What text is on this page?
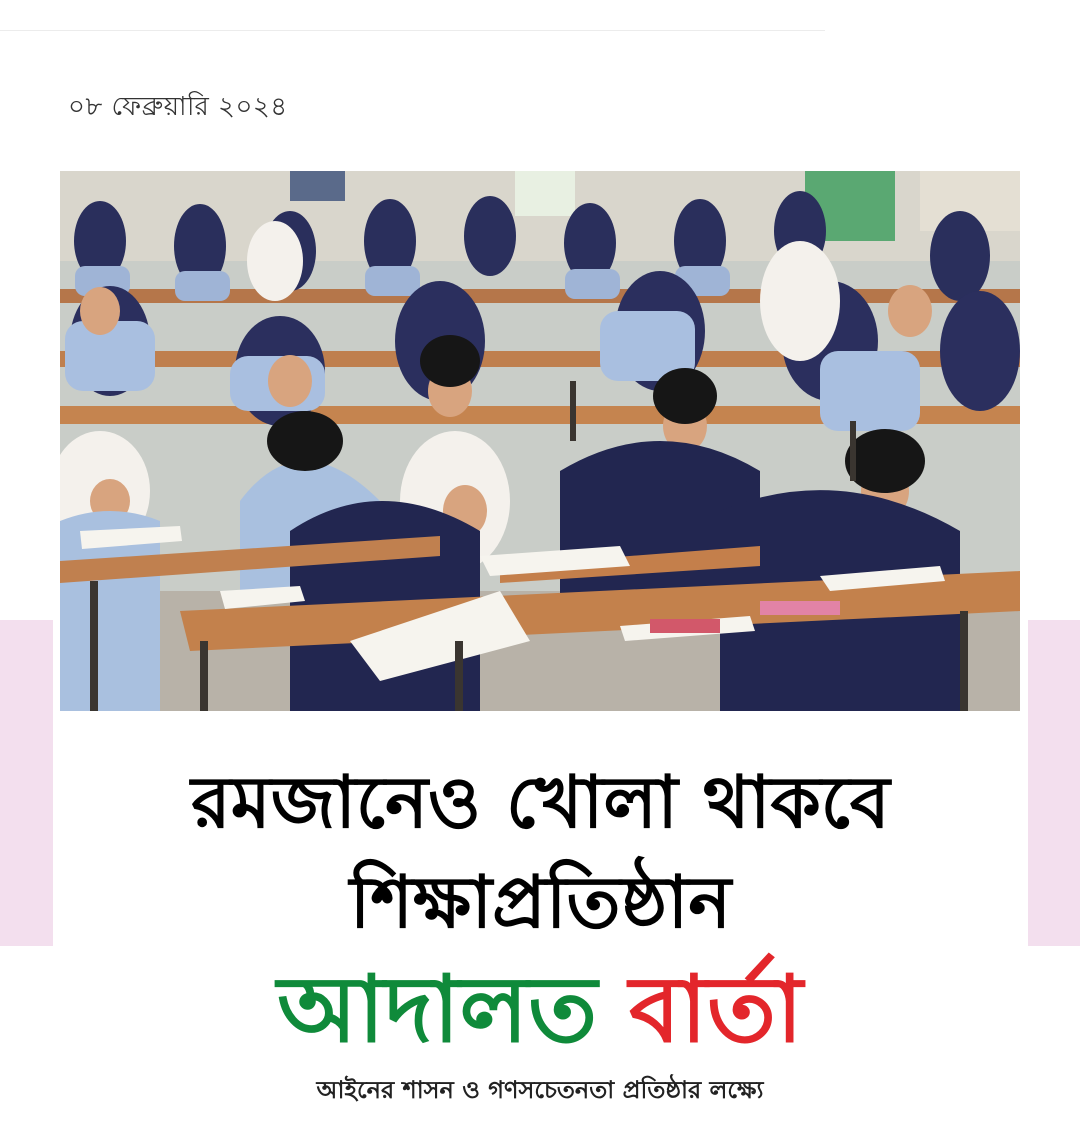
০৮ ফেব্রুয়ারি ২০২৪
রমজানেও খোলা থাকবে
শিক্ষাপ্রতিষ্ঠান
আদালত বার্তা
আইনের শাসন ও গণসচেতনতা প্রতিষ্ঠার লক্ষ্যে
